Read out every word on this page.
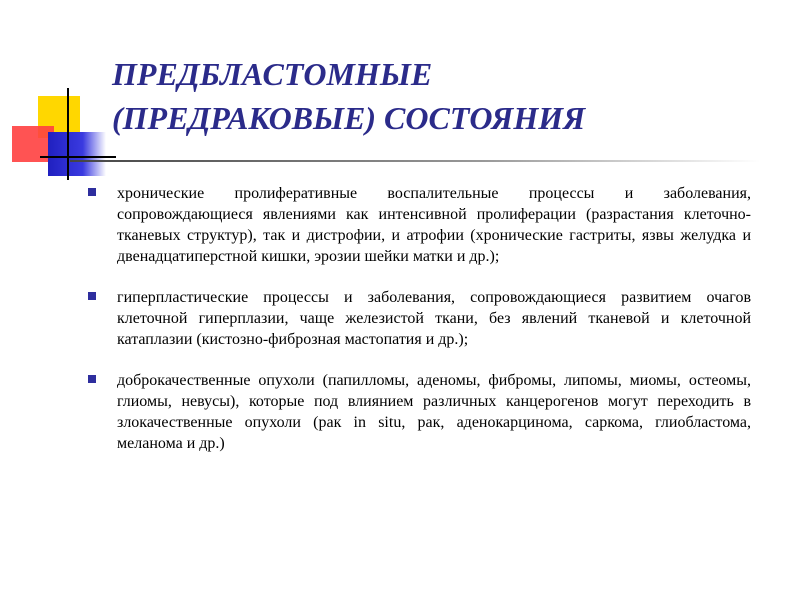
ПРЕДБЛАСТОМНЫЕ
(ПРЕДРАКОВЫЕ) СОСТОЯНИЯ
хронические пролиферативные воспалительные процессы и заболевания, сопровождающиеся явлениями как интенсивной пролиферации (разрастания клеточно-тканевых структур), так и дистрофии, и атрофии (хронические гастриты, язвы желудка и двенадцатиперстной кишки, эрозии шейки матки и др.);
гиперпластические процессы и заболевания, сопровождающиеся развитием очагов клеточной гиперплазии, чаще железистой ткани, без явлений тканевой и клеточной катаплазии (кистозно-фиброзная мастопатия и др.);
доброкачественные опухоли (папилломы, аденомы, фибромы, липомы, миомы, остеомы, глиомы, невусы), которые под влиянием различных канцерогенов могут переходить в злокачественные опухоли (рак in situ, рак, аденокарцинома, саркома, глиобластома, меланома и др.)
